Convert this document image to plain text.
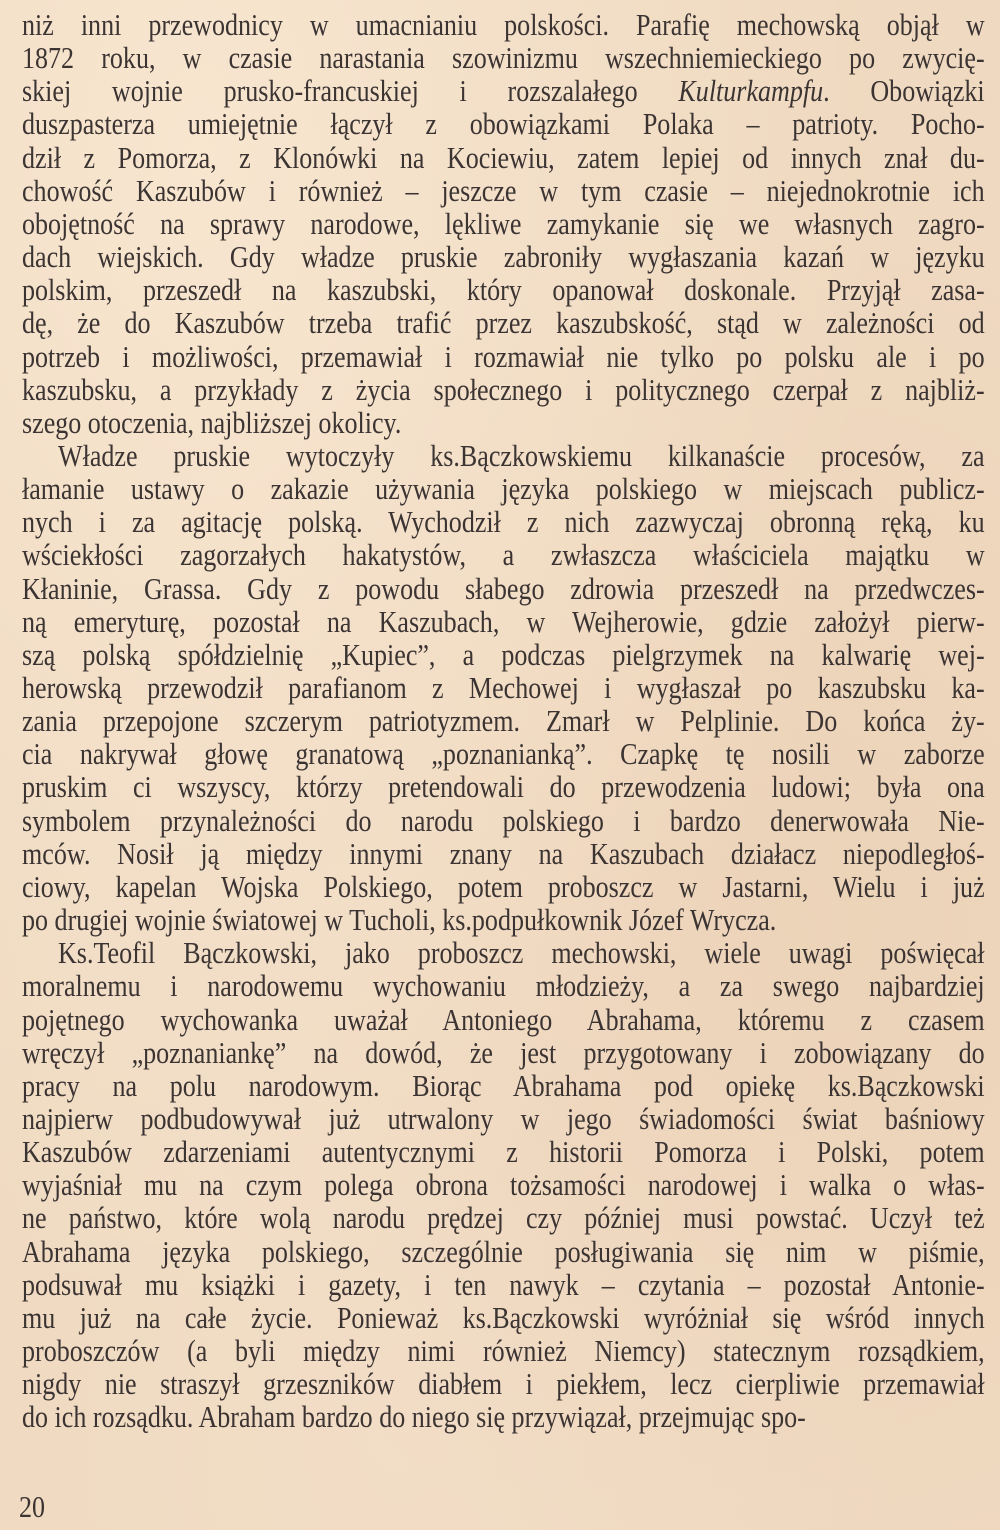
niż inni przewodnicy w umacnianiu polskości. Parafię mechowską objął w
1872 roku, w czasie narastania szowinizmu wszechniemieckiego po zwycię-
skiej wojnie prusko-francuskiej i rozszalałego Kulturkampfu. Obowiązki
duszpasterza umiejętnie łączył z obowiązkami Polaka – patrioty. Pocho-
dził z Pomorza, z Klonówki na Kociewiu, zatem lepiej od innych znał du-
chowość Kaszubów i również – jeszcze w tym czasie – niejednokrotnie ich
obojętność na sprawy narodowe, lękliwe zamykanie się we własnych zagro-
dach wiejskich. Gdy władze pruskie zabroniły wygłaszania kazań w języku
polskim, przeszedł na kaszubski, który opanował doskonale. Przyjął zasa-
dę, że do Kaszubów trzeba trafić przez kaszubskość, stąd w zależności od
potrzeb i możliwości, przemawiał i rozmawiał nie tylko po polsku ale i po
kaszubsku, a przykłady z życia społecznego i politycznego czerpał z najbliż-
szego otoczenia, najbliższej okolicy.
Władze pruskie wytoczyły ks.Bączkowskiemu kilkanaście procesów, za
łamanie ustawy o zakazie używania języka polskiego w miejscach publicz-
nych i za agitację polską. Wychodził z nich zazwyczaj obronną ręką, ku
wściekłości zagorzałych hakatystów, a zwłaszcza właściciela majątku w
Kłaninie, Grassa. Gdy z powodu słabego zdrowia przeszedł na przedwczes-
ną emeryturę, pozostał na Kaszubach, w Wejherowie, gdzie założył pierw-
szą polską spółdzielnię „Kupiec”, a podczas pielgrzymek na kalwarię wej-
herowską przewodził parafianom z Mechowej i wygłaszał po kaszubsku ka-
zania przepojone szczerym patriotyzmem. Zmarł w Pelplinie. Do końca ży-
cia nakrywał głowę granatową „poznanianką”. Czapkę tę nosili w zaborze
pruskim ci wszyscy, którzy pretendowali do przewodzenia ludowi; była ona
symbolem przynależności do narodu polskiego i bardzo denerwowała Nie-
mców. Nosił ją między innymi znany na Kaszubach działacz niepodległoś-
ciowy, kapelan Wojska Polskiego, potem proboszcz w Jastarni, Wielu i już
po drugiej wojnie światowej w Tucholi, ks.podpułkownik Józef Wrycza.
Ks.Teofil Bączkowski, jako proboszcz mechowski, wiele uwagi poświęcał
moralnemu i narodowemu wychowaniu młodzieży, a za swego najbardziej
pojętnego wychowanka uważał Antoniego Abrahama, któremu z czasem
wręczył „poznaniankę” na dowód, że jest przygotowany i zobowiązany do
pracy na polu narodowym. Biorąc Abrahama pod opiekę ks.Bączkowski
najpierw podbudowywał już utrwalony w jego świadomości świat baśniowy
Kaszubów zdarzeniami autentycznymi z historii Pomorza i Polski, potem
wyjaśniał mu na czym polega obrona tożsamości narodowej i walka o włas-
ne państwo, które wolą narodu prędzej czy później musi powstać. Uczył też
Abrahama języka polskiego, szczególnie posługiwania się nim w piśmie,
podsuwał mu książki i gazety, i ten nawyk – czytania – pozostał Antonie-
mu już na całe życie. Ponieważ ks.Bączkowski wyróżniał się wśród innych
proboszczów (a byli między nimi również Niemcy) statecznym rozsądkiem,
nigdy nie straszył grzeszników diabłem i piekłem, lecz cierpliwie przemawiał
do ich rozsądku. Abraham bardzo do niego się przywiązał, przejmując spo-
20
